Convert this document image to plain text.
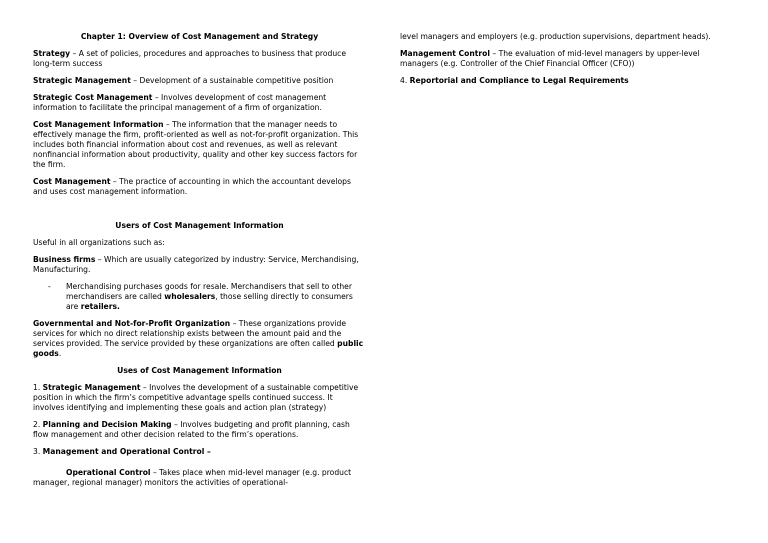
Chapter 1: Overview of Cost Management and Strategy

Strategy – A set of policies, procedures and approaches to business that produce long-term success

Strategic Management – Development of a sustainable competitive position

Strategic Cost Management – Involves development of cost management information to facilitate the principal management of a firm of organization.

Cost Management Information – The information that the manager needs to effectively manage the firm, profit-oriented as well as not-for-profit organization. This includes both financial information about cost and revenues, as well as relevant nonfinancial information about productivity, quality and other key success factors for the firm.

Cost Management – The practice of accounting in which the accountant develops and uses cost management information.

Users of Cost Management Information

Useful in all organizations such as:

Business firms – Which are usually categorized by industry: Service, Merchandising, Manufacturing.

-	Merchandising purchases goods for resale. Merchandisers that sell to other merchandisers are called wholesalers, those selling directly to consumers are retailers.

Governmental and Not-for-Profit Organization – These organizations provide services for which no direct relationship exists between the amount paid and the services provided. The service provided by these organizations are often called public goods.

Uses of Cost Management Information

1. Strategic Management – Involves the development of a sustainable competitive position in which the firm’s competitive advantage spells continued success. It involves identifying and implementing these goals and action plan (strategy)

2. Planning and Decision Making – Involves budgeting and profit planning, cash flow management and other decision related to the firm’s operations.

3. Management and Operational Control –

Operational Control – Takes place when mid-level manager (e.g. product manager, regional manager) monitors the activities of operational-

level managers and employers (e.g. production supervisions, department heads).

Management Control – The evaluation of mid-level managers by upper-level managers (e.g. Controller of the Chief Financial Officer (CFO))

4. Reportorial and Compliance to Legal Requirements
